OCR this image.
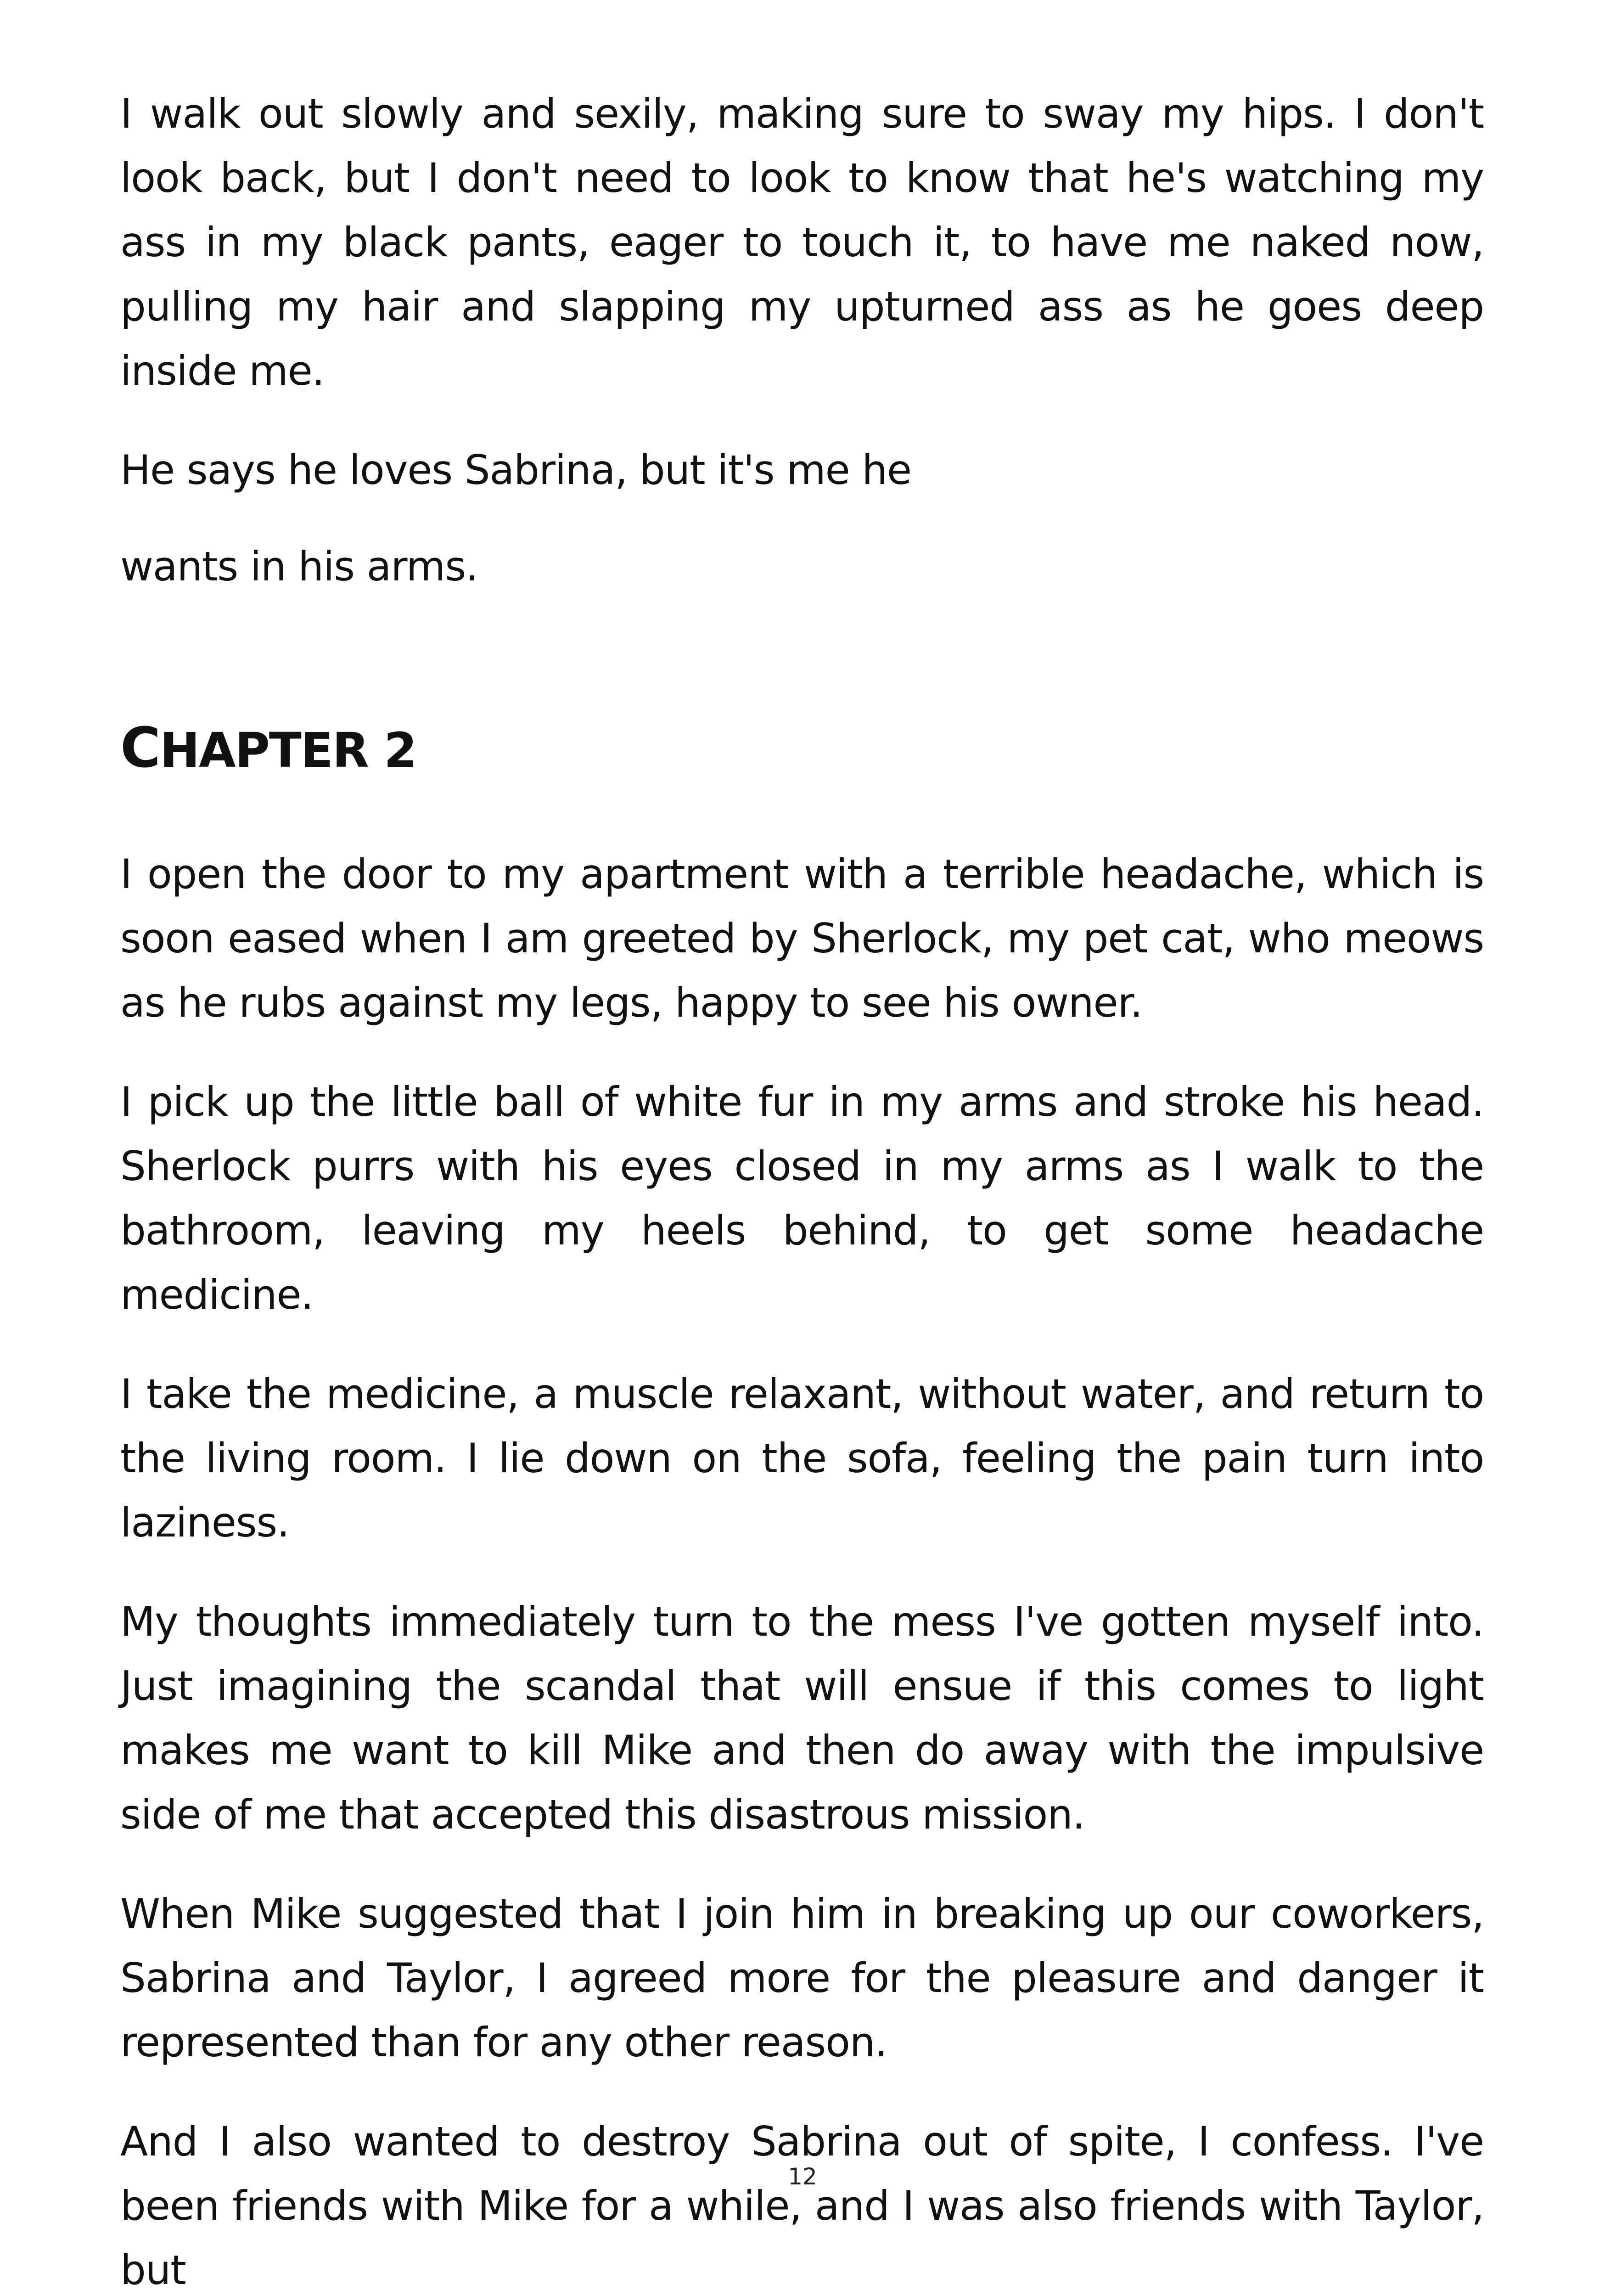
I walk out slowly and sexily, making sure to sway my hips. I don't look back, but I don't need to look to know that he's watching my ass in my black pants, eager to touch it, to have me naked now, pulling my hair and slapping my upturned ass as he goes deep inside me.

He says he loves Sabrina, but it's me he

wants in his arms.

CHAPTER 2

I open the door to my apartment with a terrible headache, which is soon eased when I am greeted by Sherlock, my pet cat, who meows as he rubs against my legs, happy to see his owner.

I pick up the little ball of white fur in my arms and stroke his head. Sherlock purrs with his eyes closed in my arms as I walk to the bathroom, leaving my heels behind, to get some headache medicine.

I take the medicine, a muscle relaxant, without water, and return to the living room. I lie down on the sofa, feeling the pain turn into laziness.

My thoughts immediately turn to the mess I've gotten myself into. Just imagining the scandal that will ensue if this comes to light makes me want to kill Mike and then do away with the impulsive side of me that accepted this disastrous mission.

When Mike suggested that I join him in breaking up our coworkers, Sabrina and Taylor, I agreed more for the pleasure and danger it represented than for any other reason.

And I also wanted to destroy Sabrina out of spite, I confess. I've been friends with Mike for a while, and I was also friends with Taylor, but

12
